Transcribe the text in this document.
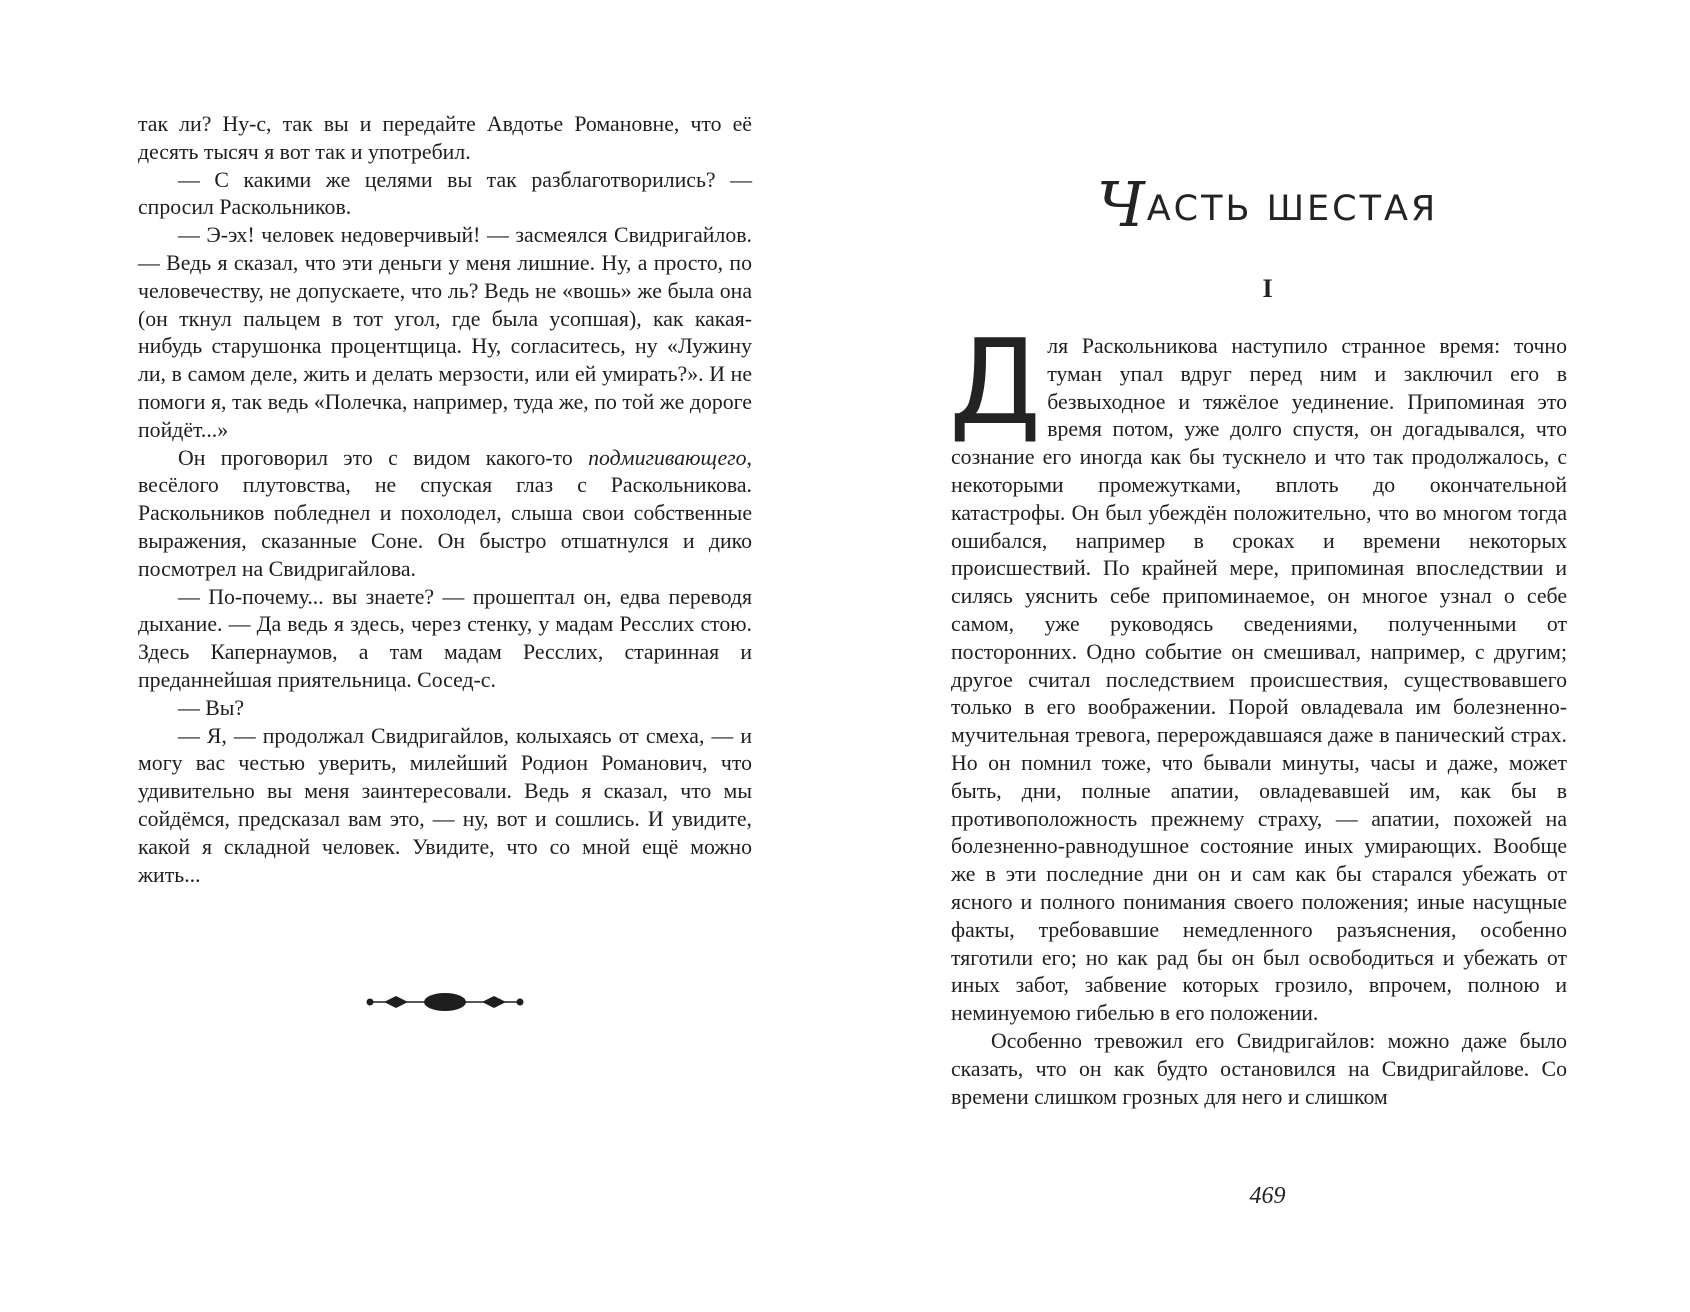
так ли? Ну-с, так вы и передайте Авдотье Романовне, что её десять тысяч я вот так и употребил.

— С какими же целями вы так разблаготворились? — спросил Раскольников.

— Э-эх! человек недоверчивый! — засмеялся Свидригайлов. — Ведь я сказал, что эти деньги у меня лишние. Ну, а просто, по человечеству, не допускаете, что ль? Ведь не «вошь» же была она (он ткнул пальцем в тот угол, где была усопшая), как какая-нибудь старушонка процентщица. Ну, согласитесь, ну «Лужину ли, в самом деле, жить и делать мерзости, или ей умирать?». И не помоги я, так ведь «Полечка, например, туда же, по той же дороге пойдёт...»

Он проговорил это с видом какого-то подмигивающего, весёлого плутовства, не спуская глаз с Раскольникова. Раскольников побледнел и похолодел, слыша свои собственные выражения, сказанные Соне. Он быстро отшатнулся и дико посмотрел на Свидригайлова.

— По-почему... вы знаете? — прошептал он, едва переводя дыхание. — Да ведь я здесь, через стенку, у мадам Ресслих стою. Здесь Капернаумов, а там мадам Ресслих, старинная и преданнейшая приятельница. Сосед-с.

— Вы?

— Я, — продолжал Свидригайлов, колыхаясь от смеха, — и могу вас честью уверить, милейший Родион Романович, что удивительно вы меня заинтересовали. Ведь я сказал, что мы сойдёмся, предсказал вам это, — ну, вот и сошлись. И увидите, какой я складной человек. Увидите, что со мной ещё можно жить...

ЧАСТЬ ШЕСТАЯ
I

Для Раскольникова наступило странное время: точно туман упал вдруг перед ним и заключил его в безвыходное и тяжёлое уединение. Припоминая это время потом, уже долго спустя, он догадывался, что сознание его иногда как бы тускнело и что так продолжалось, с некоторыми промежутками, вплоть до окончательной катастрофы. Он был убеждён положительно, что во многом тогда ошибался, например в сроках и времени некоторых происшествий. По крайней мере, припоминая впоследствии и силясь уяснить себе припоминаемое, он многое узнал о себе самом, уже руководясь сведениями, полученными от посторонних. Одно событие он смешивал, например, с другим; другое считал последствием происшествия, существовавшего только в его воображении. Порой овладевала им болезненно-мучительная тревога, перерождавшаяся даже в панический страх. Но он помнил тоже, что бывали минуты, часы и даже, может быть, дни, полные апатии, овладевавшей им, как бы в противоположность прежнему страху, — апатии, похожей на болезненно-равнодушное состояние иных умирающих. Вообще же в эти последние дни он и сам как бы старался убежать от ясного и полного понимания своего положения; иные насущные факты, требовавшие немедленного разъяснения, особенно тяготили его; но как рад бы он был освободиться и убежать от иных забот, забвение которых грозило, впрочем, полною и неминуемою гибелью в его положении.

Особенно тревожил его Свидригайлов: можно даже было сказать, что он как будто остановился на Свидригайлове. Со времени слишком грозных для него и слишком

469
